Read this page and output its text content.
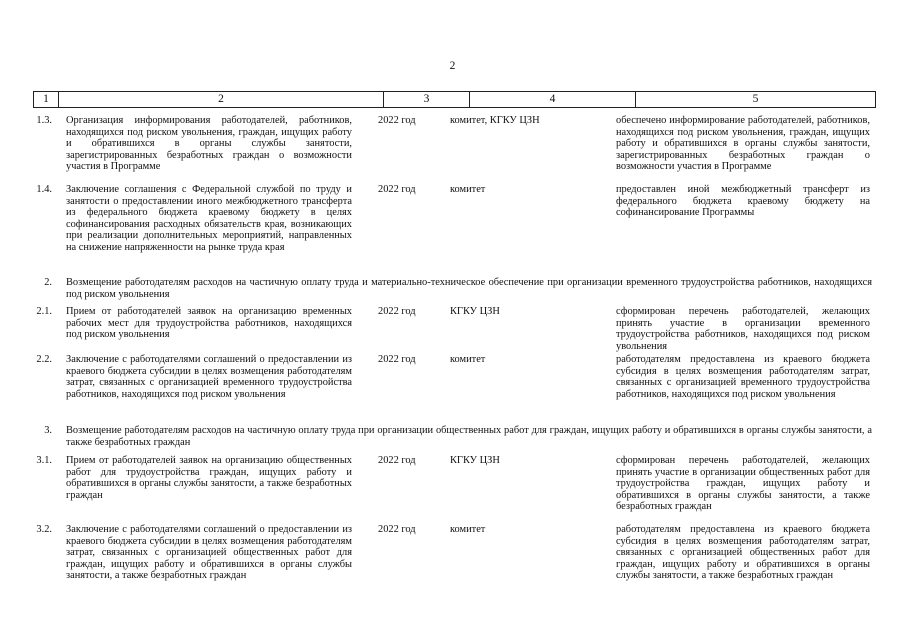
2
1	2	3	4	5
1.3. Организация информирования работодателей, работников, находящихся под риском увольнения, граждан, ищущих работу и обратившихся в органы службы занятости, зарегистрированных безработных граждан о возможности участия в Программе
2022 год	комитет, КГКУ ЦЗН	обеспечено информирование работодателей, работников, находящихся под риском увольнения, граждан, ищущих работу и обратившихся в органы службы занятости, зарегистрированных безработных граждан о возможности участия в Программе
1.4. Заключение соглашения с Федеральной службой по труду и занятости о предоставлении иного межбюджетного трансферта из федерального бюджета краевому бюджету в целях софинансирования расходных обязательств края, возникающих при реализации дополнительных мероприятий, направленных на снижение напряженности на рынке труда края
2022 год	комитет	предоставлен иной межбюджетный трансферт из федерального бюджета краевому бюджету на софинансирование Программы
2. Возмещение работодателям расходов на частичную оплату труда и материально-техническое обеспечение при организации временного трудоустройства работников, находящихся под риском увольнения
2.1. Прием от работодателей заявок на организацию временных рабочих мест для трудоустройства работников, находящихся под риском увольнения
2022 год	КГКУ ЦЗН	сформирован перечень работодателей, желающих принять участие в организации временного трудоустройства работников, находящихся под риском увольнения
2.2. Заключение с работодателями соглашений о предоставлении из краевого бюджета субсидии в целях возмещения работодателям затрат, связанных с организацией временного трудоустройства работников, находящихся под риском увольнения
2022 год	комитет	работодателям предоставлена из краевого бюджета субсидия в целях возмещения работодателям затрат, связанных с организацией временного трудоустройства работников, находящихся под риском увольнения
3. Возмещение работодателям расходов на частичную оплату труда при организации общественных работ для граждан, ищущих работу и обратившихся в органы службы занятости, а также безработных граждан
3.1. Прием от работодателей заявок на организацию общественных работ для трудоустройства граждан, ищущих работу и обратившихся в органы службы занятости, а также безработных граждан
2022 год	КГКУ ЦЗН	сформирован перечень работодателей, желающих принять участие в организации общественных работ для трудоустройства граждан, ищущих работу и обратившихся в органы службы занятости, а также безработных граждан
3.2. Заключение с работодателями соглашений о предоставлении из краевого бюджета субсидии в целях возмещения работодателям затрат, связанных с организацией общественных работ для граждан, ищущих работу и обратившихся в органы службы занятости, а также безработных граждан
2022 год	комитет	работодателям предоставлена из краевого бюджета субсидия в целях возмещения работодателям затрат, связанных с организацией общественных работ для граждан, ищущих работу и обратившихся в органы службы занятости, а также безработных граждан
